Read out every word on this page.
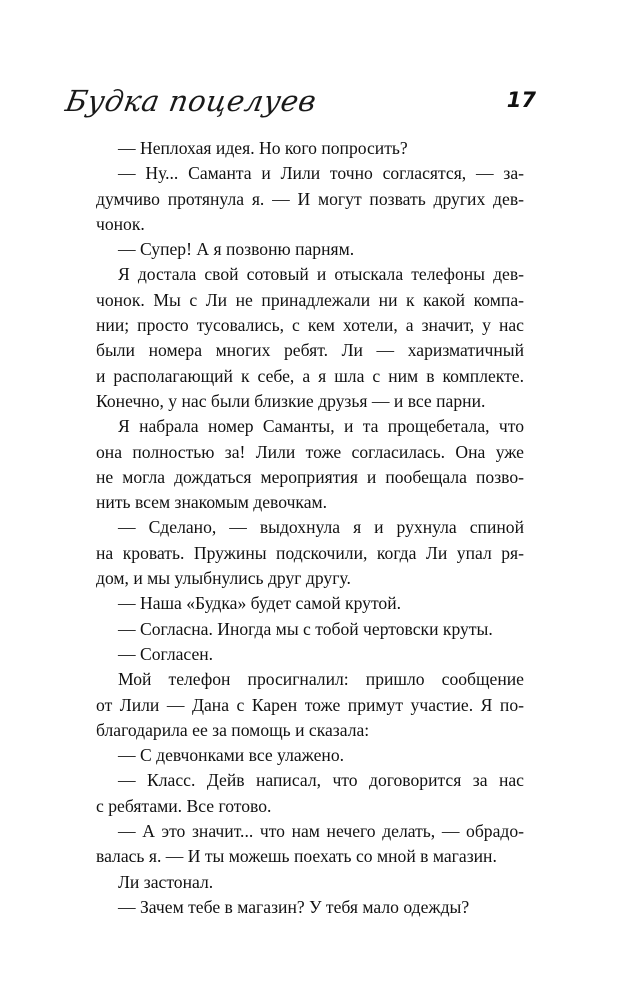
Будка поцелуев	17
— Неплохая идея. Но кого попросить?
— Ну... Саманта и Лили точно согласятся, — за-
думчиво протянула я. — И могут позвать других дев-
чонок.
— Супер! А я позвоню парням.
Я достала свой сотовый и отыскала телефоны дев-
чонок. Мы с Ли не принадлежали ни к какой компа-
нии; просто тусовались, с кем хотели, а значит, у нас
были номера многих ребят. Ли — харизматичный
и располагающий к себе, а я шла с ним в комплекте.
Конечно, у нас были близкие друзья — и все парни.
Я набрала номер Саманты, и та прощебетала, что
она полностью за! Лили тоже согласилась. Она уже
не могла дождаться мероприятия и пообещала позво-
нить всем знакомым девочкам.
— Сделано, — выдохнула я и рухнула спиной
на кровать. Пружины подскочили, когда Ли упал ря-
дом, и мы улыбнулись друг другу.
— Наша «Будка» будет самой крутой.
— Согласна. Иногда мы с тобой чертовски круты.
— Согласен.
Мой телефон просигналил: пришло сообщение
от Лили — Дана с Карен тоже примут участие. Я по-
благодарила ее за помощь и сказала:
— С девчонками все улажено.
— Класс. Дейв написал, что договорится за нас
с ребятами. Все готово.
— А это значит... что нам нечего делать, — обрадо-
валась я. — И ты можешь поехать со мной в магазин.
Ли застонал.
— Зачем тебе в магазин? У тебя мало одежды?
